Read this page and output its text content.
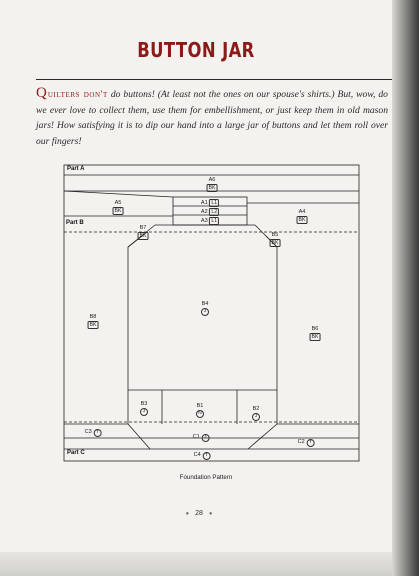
BUTTON JAR
Quilters don't do buttons! (At least not the ones on our spouse's shirts.) But, wow, do we ever love to collect them, use them for embellishment, or just keep them in old mason jars! How satisfying it is to dip our hand into a large jar of buttons and let them roll over our fingers!
Part A
Part B
Part C
A6
BK
A5
BK
A1 L1
A2 L2
A3 L1
A4
BK
B7
BK	B5
BK
B8
BK
B4
J
B6
BK
B3
J
B1
N
B2
J
C3 T
C1 J
C2 T
C4 T
Foundation Pattern
● 28 ●
